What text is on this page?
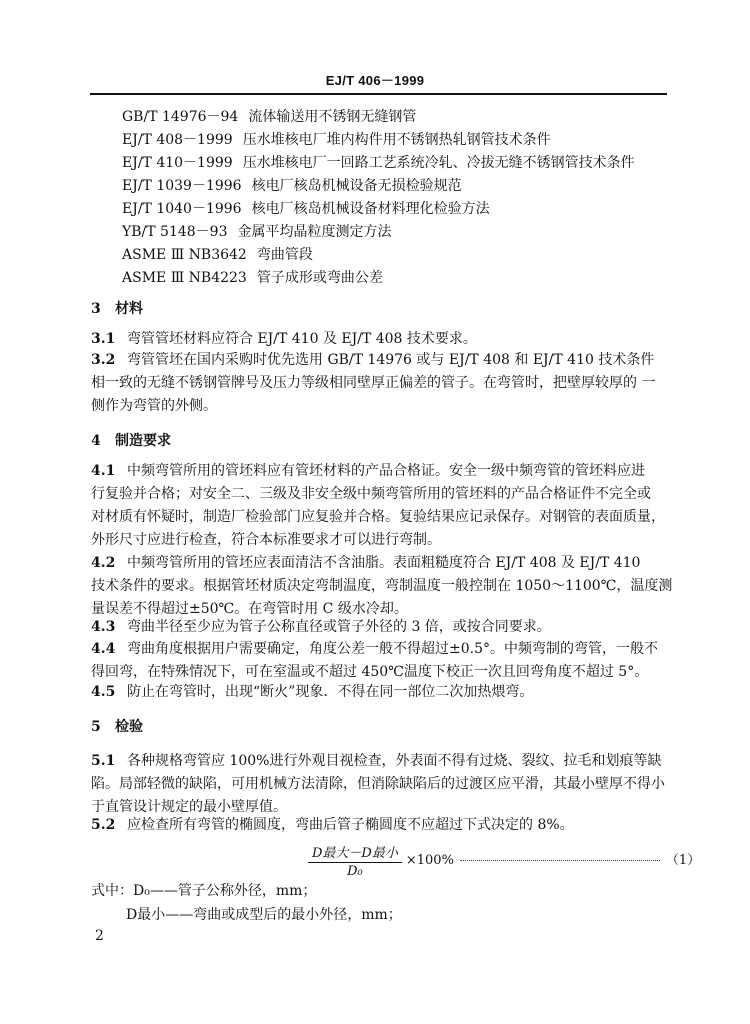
EJ/T 406－1999
GB/T 14976－94 流体输送用不锈钢无缝钢管
EJ/T 408－1999 压水堆核电厂堆内构件用不锈钢热轧钢管技术条件
EJ/T 410－1999 压水堆核电厂一回路工艺系统冷轧、冷拔无缝不锈钢管技术条件
EJ/T 1039－1996 核电厂核岛机械设备无损检验规范
EJ/T 1040－1996 核电厂核岛机械设备材料理化检验方法
YB/T 5148－93 金属平均晶粒度测定方法
ASME Ⅲ NB3642 弯曲管段
ASME Ⅲ NB4223 管子成形或弯曲公差
3 材料

3.1 弯管管坯材料应符合 EJ/T 410 及 EJ/T 408 技术要求。

3.2 弯管管坯在国内采购时优先选用 GB/T 14976 或与 EJ/T 408 和 EJ/T 410 技术条件

相一致的无缝不锈钢管牌号及压力等级相同壁厚正偏差的管子。在弯管时，把壁厚较厚的 一

侧作为弯管的外侧。

4 制造要求

4.1 中频弯管所用的管坯料应有管坯材料的产品合格证。安全一级中频弯管的管坯料应进

行复验并合格；对安全二、三级及非安全级中频弯管所用的管坯料的产品合格证件不完全或

对材质有怀疑时，制造厂检验部门应复验并合格。复验结果应记录保存。对钢管的表面质量，

外形尺寸应进行检查，符合本标准要求才可以进行弯制。

4.2 中频弯管所用的管坯应表面清洁不含油脂。表面粗糙度符合 EJ/T 408 及 EJ/T 410

技术条件的要求。根据管坯材质决定弯制温度，弯制温度一般控制在 1050～1100℃，温度测

量误差不得超过±50℃。在弯管时用 C 级水冷却。

4.3 弯曲半径至少应为管子公称直径或管子外径的 3 倍，或按合同要求。

4.4 弯曲角度根据用户需要确定，角度公差一般不得超过±0.5°。中频弯制的弯管，一般不

得回弯，在特殊情况下，可在室温或不超过 450℃温度下校正一次且回弯角度不超过 5°。

4.5 防止在弯管时，出现“断火”现象．不得在同一部位二次加热煨弯。

5 检验

5.1 各种规格弯管应 100%进行外观目视检查，外表面不得有过烧、裂纹、拉毛和划痕等缺

陷。局部轻微的缺陷，可用机械方法清除，但消除缺陷后的过渡区应平滑，其最小壁厚不得小

于直管设计规定的最小壁厚值。

5.2 应检查所有弯管的椭圆度，弯曲后管子椭圆度不应超过下式决定的 8%。

$\frac{\text{D最大－D最小}}{\text{D₀}} \times 100\%$	（1）
式中：D₀——管子公称外径，mm；
D最小——弯曲或成型后的最小外径，mm；
2
